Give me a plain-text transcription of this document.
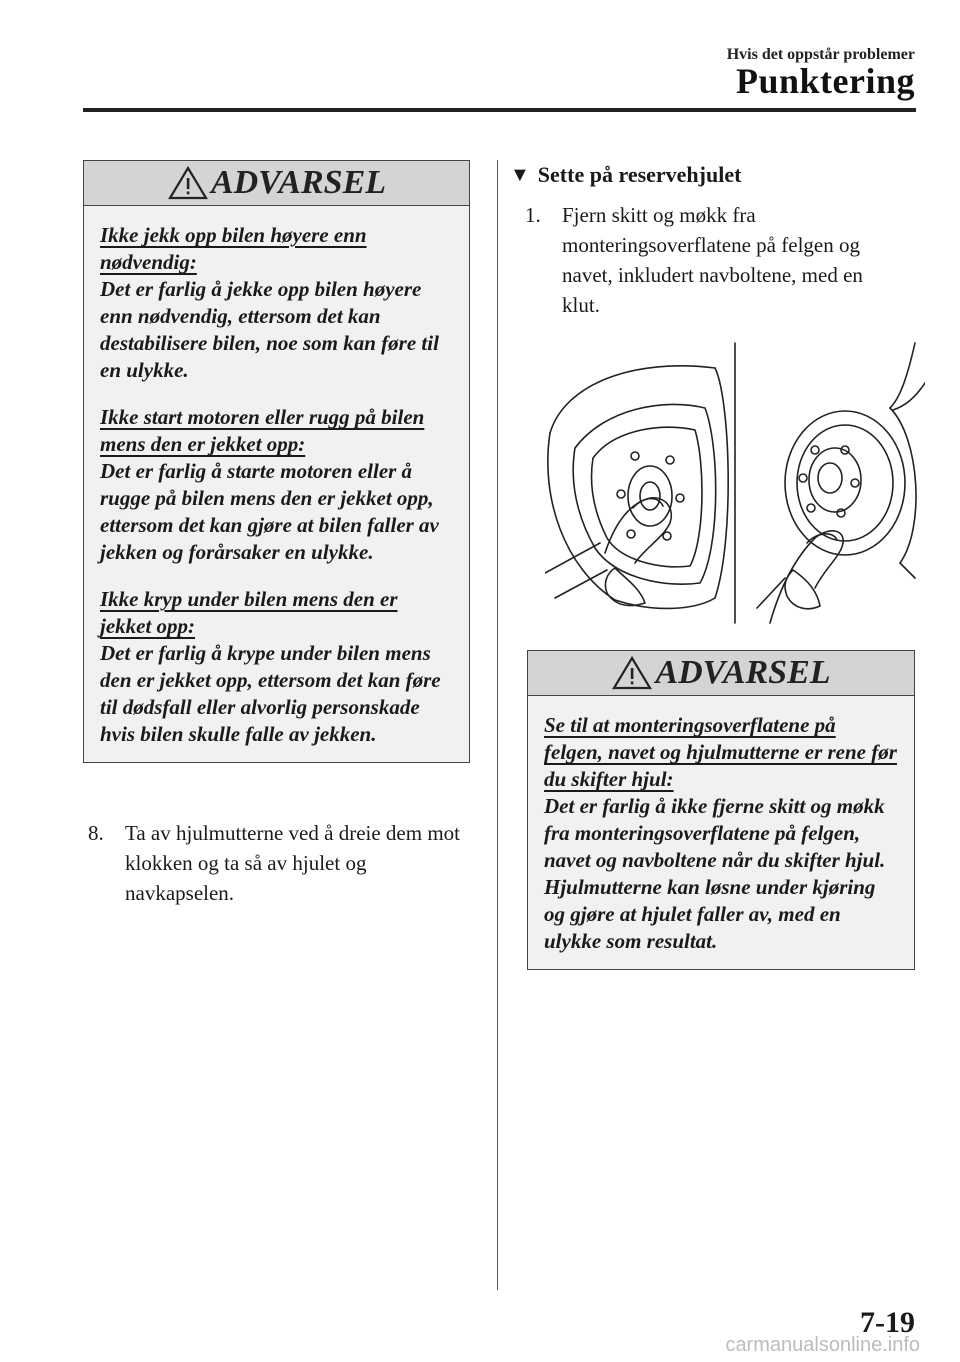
Hvis det oppstår problemer
Punktering
ADVARSEL
Ikke jekk opp bilen høyere enn nødvendig:
Det er farlig å jekke opp bilen høyere enn nødvendig, ettersom det kan destabilisere bilen, noe som kan føre til en ulykke.
Ikke start motoren eller rugg på bilen mens den er jekket opp:
Det er farlig å starte motoren eller å rugge på bilen mens den er jekket opp, ettersom det kan gjøre at bilen faller av jekken og forårsaker en ulykke.
Ikke kryp under bilen mens den er jekket opp:
Det er farlig å krype under bilen mens den er jekket opp, ettersom det kan føre til dødsfall eller alvorlig personskade hvis bilen skulle falle av jekken.
8.	Ta av hjulmutterne ved å dreie dem mot klokken og ta så av hjulet og navkapselen.
▼ Sette på reservehjulet
1.	Fjern skitt og møkk fra monteringsoverflatene på felgen og navet, inkludert navboltene, med en klut.
ADVARSEL
Se til at monteringsoverflatene på felgen, navet og hjulmutterne er rene før du skifter hjul:
Det er farlig å ikke fjerne skitt og møkk fra monteringsoverflatene på felgen, navet og navboltene når du skifter hjul. Hjulmutterne kan løsne under kjøring og gjøre at hjulet faller av, med en ulykke som resultat.
7-19
carmanualsonline.info
